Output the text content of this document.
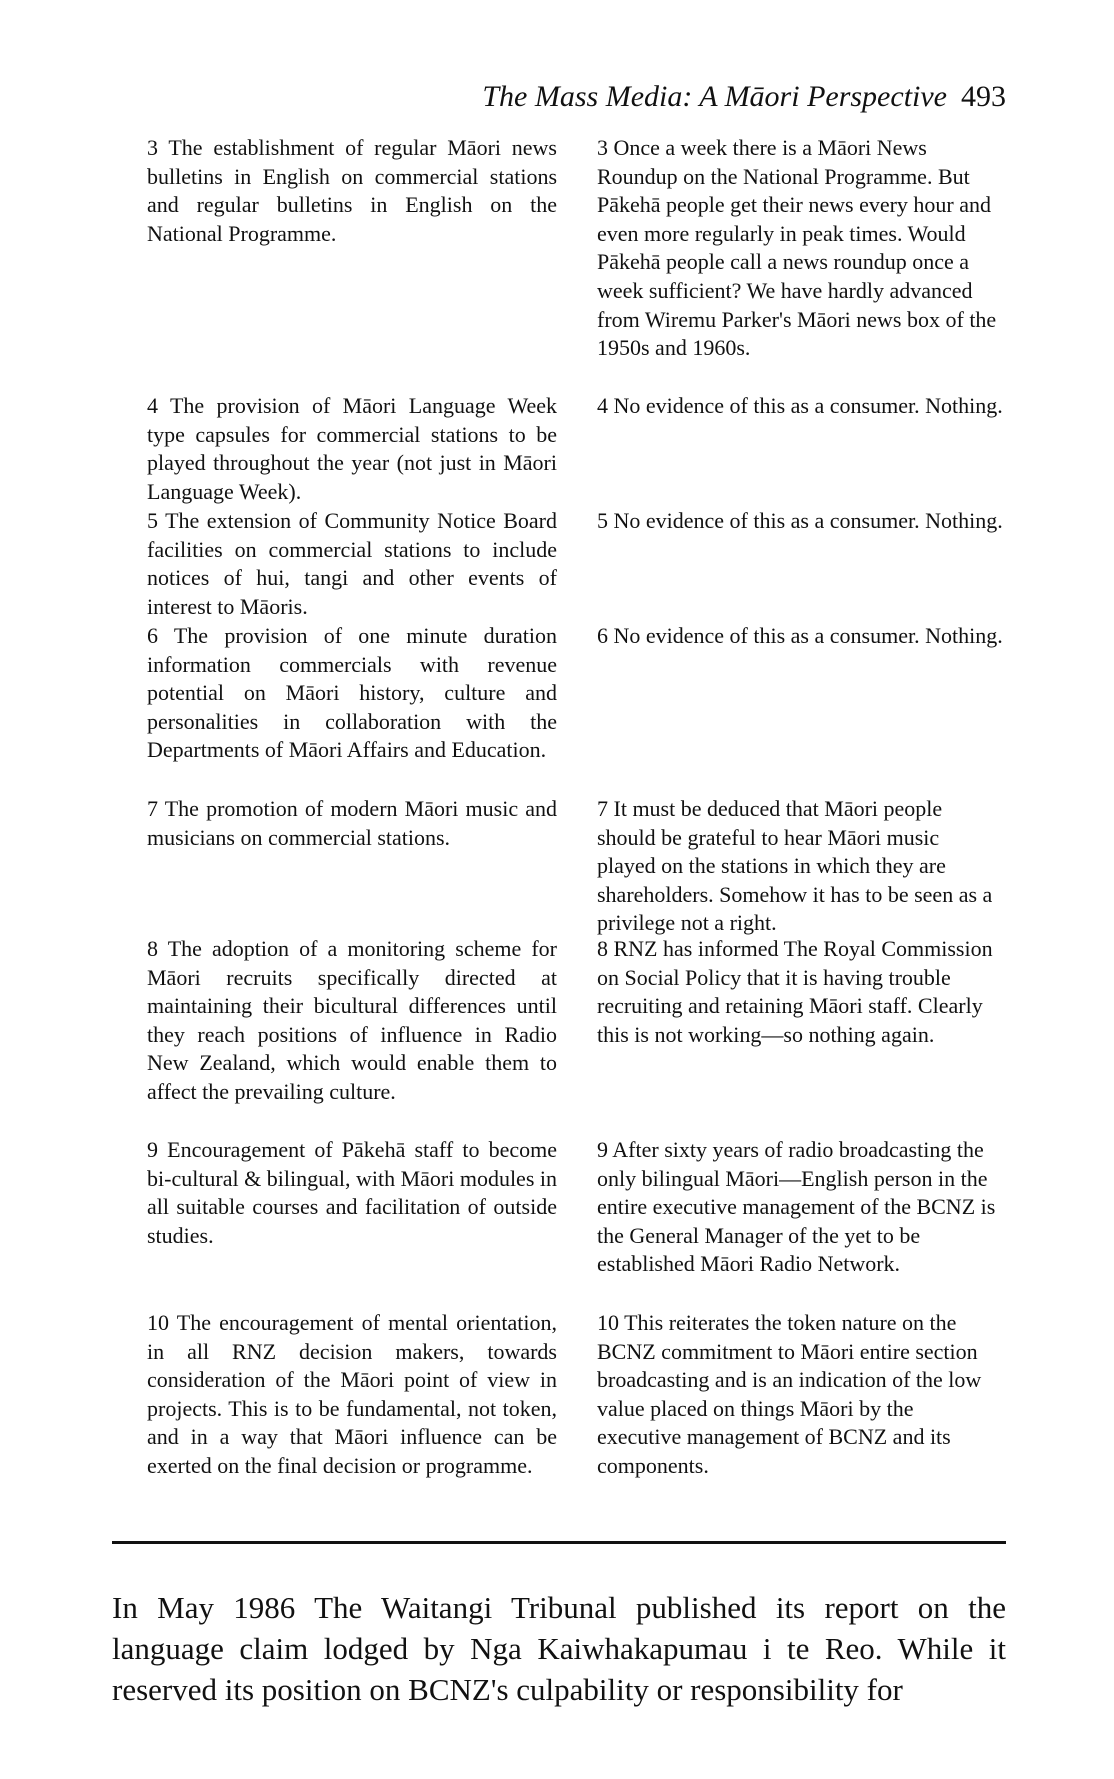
The Mass Media: A Māori Perspective 493

3 The establishment of regular Māori news bulletins in English on commercial stations and regular bulletins in English on the National Programme.

4 The provision of Māori Language Week type capsules for commercial stations to be played throughout the year (not just in Māori Language Week).

5 The extension of Community Notice Board facilities on commercial stations to include notices of hui, tangi and other events of interest to Māoris.

6 The provision of one minute duration information commercials with revenue potential on Māori history, culture and personalities in collaboration with the Departments of Māori Affairs and Education.

7 The promotion of modern Māori music and musicians on commercial stations.

8 The adoption of a monitoring scheme for Māori recruits specifically directed at maintaining their bicultural differences until they reach positions of influence in Radio New Zealand, which would enable them to affect the prevailing culture.

9 Encouragement of Pākehā staff to become bi-cultural & bilingual, with Māori modules in all suitable courses and facilitation of outside studies.

10 The encouragement of mental orientation, in all RNZ decision makers, towards consideration of the Māori point of view in projects. This is to be fundamental, not token, and in a way that Māori influence can be exerted on the final decision or programme.

3 Once a week there is a Māori News Roundup on the National Programme. But Pākehā people get their news every hour and even more regularly in peak times. Would Pākehā people call a news roundup once a week sufficient? We have hardly advanced from Wiremu Parker's Māori news box of the 1950s and 1960s.

4 No evidence of this as a consumer. Nothing.

5 No evidence of this as a consumer. Nothing.

6 No evidence of this as a consumer. Nothing.

7 It must be deduced that Māori people should be grateful to hear Māori music played on the stations in which they are shareholders. Somehow it has to be seen as a privilege not a right.

8 RNZ has informed The Royal Commission on Social Policy that it is having trouble recruiting and retaining Māori staff. Clearly this is not working—so nothing again.

9 After sixty years of radio broadcasting the only bilingual Māori—English person in the entire executive management of the BCNZ is the General Manager of the yet to be established Māori Radio Network.

10 This reiterates the token nature on the BCNZ commitment to Māori entire section broadcasting and is an indication of the low value placed on things Māori by the executive management of BCNZ and its components.

In May 1986 The Waitangi Tribunal published its report on the language claim lodged by Nga Kaiwhakapumau i te Reo. While it reserved its position on BCNZ's culpability or responsibility for
